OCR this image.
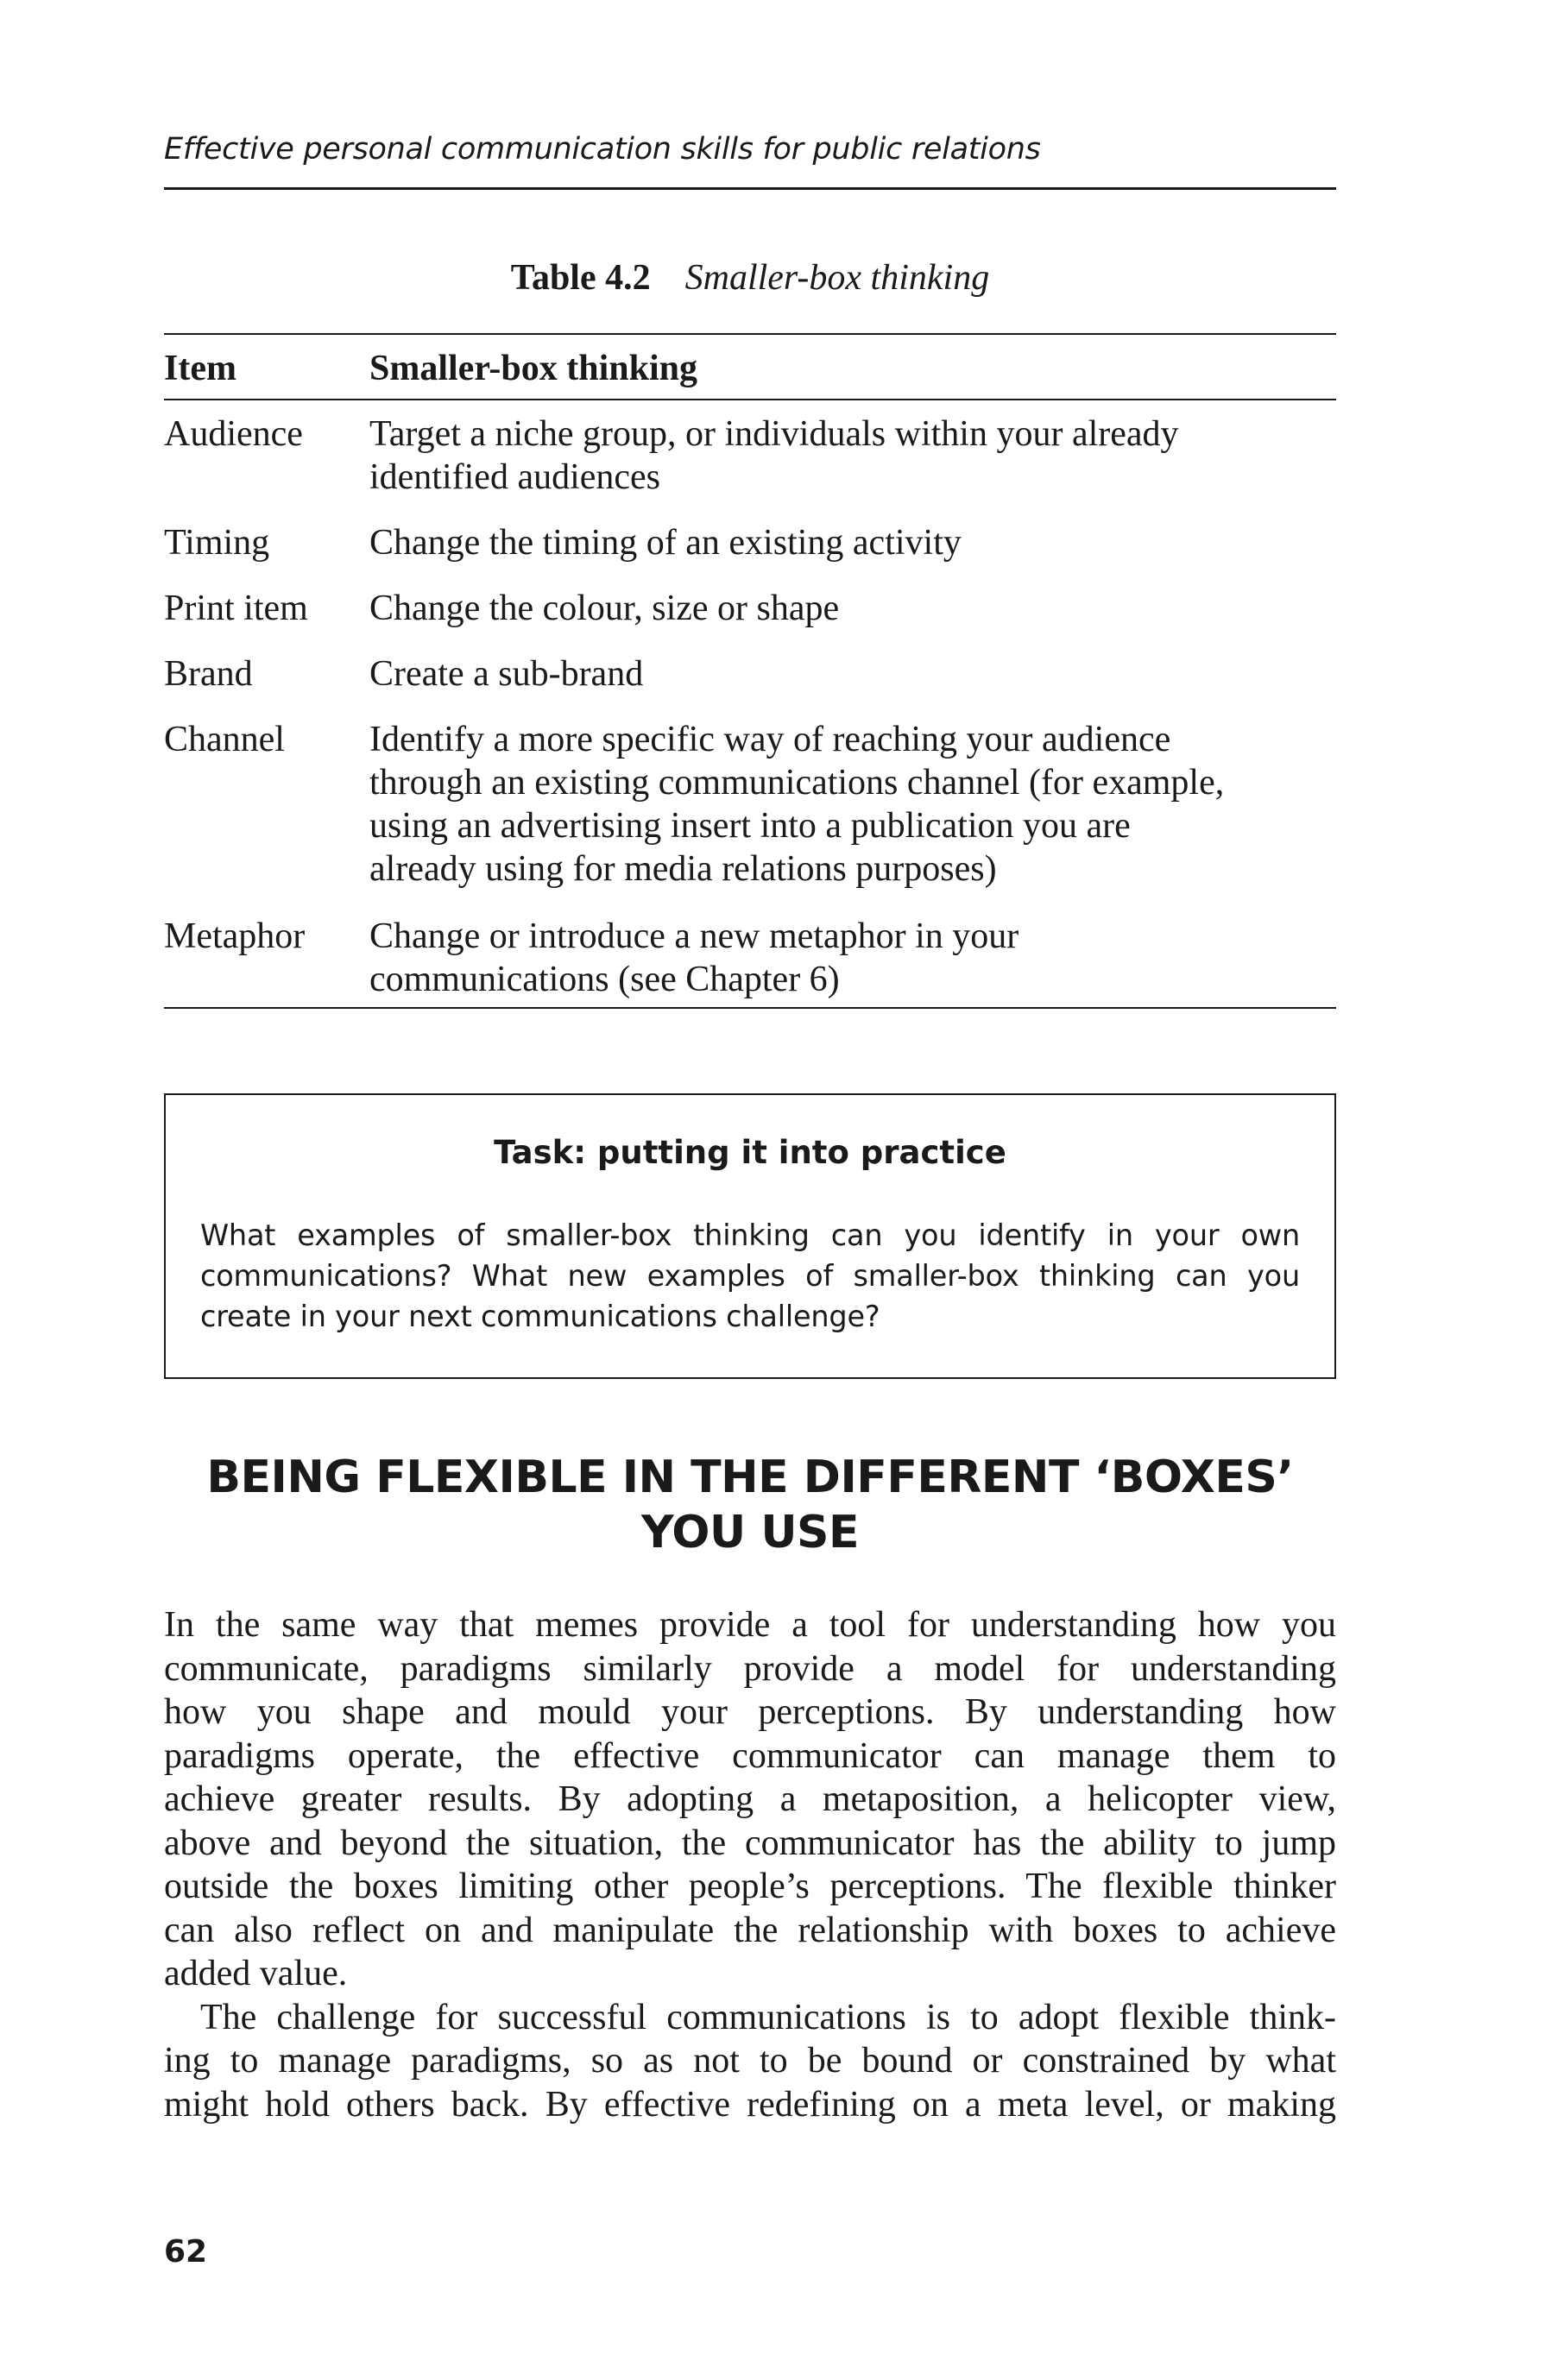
Effective personal communication skills for public relations
Table 4.2 Smaller-box thinking
Item	Smaller-box thinking
Audience	Target a niche group, or individuals within your already
identified audiences
Timing	Change the timing of an existing activity
Print item	Change the colour, size or shape
Brand	Create a sub-brand
Channel	Identify a more specific way of reaching your audience
through an existing communications channel (for example,
using an advertising insert into a publication you are
already using for media relations purposes)
Metaphor	Change or introduce a new metaphor in your
communications (see Chapter 6)
Task: putting it into practice
What examples of smaller-box thinking can you identify in your own communications? What new examples of smaller-box thinking can you create in your next communications challenge?
BEING FLEXIBLE IN THE DIFFERENT ‘BOXES’
YOU USE
In the same way that memes provide a tool for understanding how you
communicate, paradigms similarly provide a model for understanding
how you shape and mould your perceptions. By understanding how
paradigms operate, the effective communicator can manage them to
achieve greater results. By adopting a metaposition, a helicopter view,
above and beyond the situation, the communicator has the ability to jump
outside the boxes limiting other people’s perceptions. The flexible thinker
can also reflect on and manipulate the relationship with boxes to achieve
added value.
The challenge for successful communications is to adopt flexible think-
ing to manage paradigms, so as not to be bound or constrained by what
might hold others back. By effective redefining on a meta level, or making
62
